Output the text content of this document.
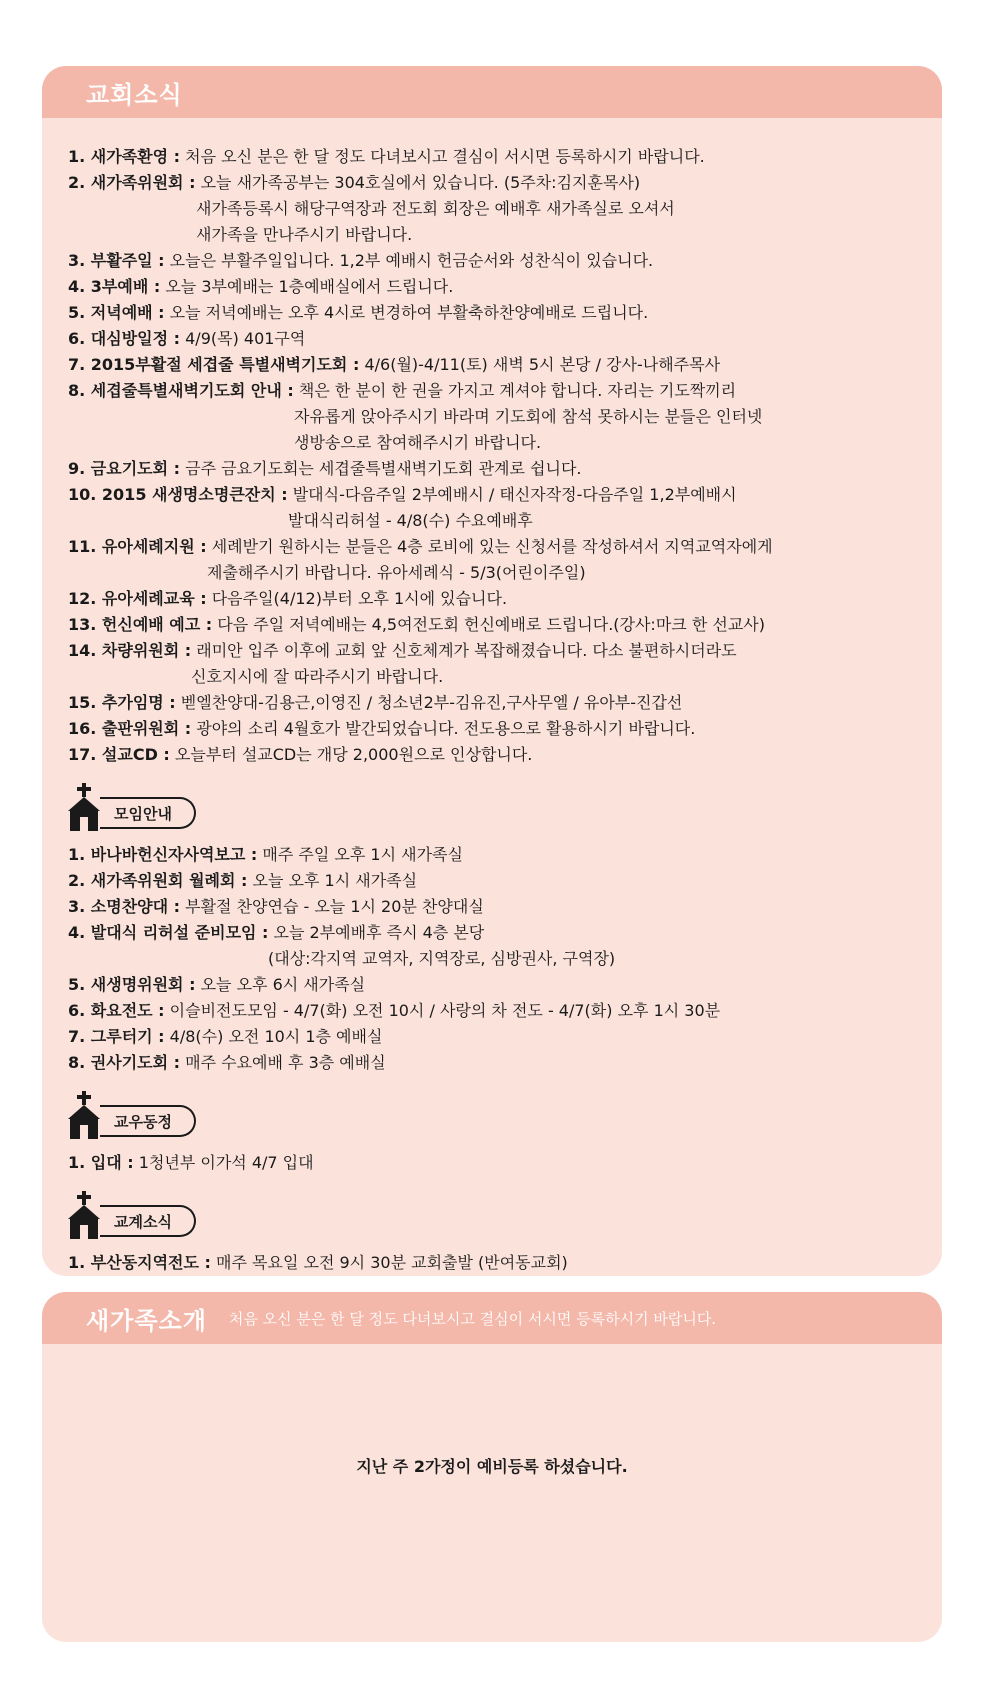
교회소식
1. 새가족환영 : 처음 오신 분은 한 달 정도 다녀보시고 결심이 서시면 등록하시기 바랍니다.
2. 새가족위원회 : 오늘 새가족공부는 304호실에서 있습니다. (5주차:김지훈목사)
새가족등록시 해당구역장과 전도회 회장은 예배후 새가족실로 오셔서
새가족을 만나주시기 바랍니다.
3. 부활주일 : 오늘은 부활주일입니다. 1,2부 예배시 헌금순서와 성찬식이 있습니다.
4. 3부예배 : 오늘 3부예배는 1층예배실에서 드립니다.
5. 저녁예배 : 오늘 저녁예배는 오후 4시로 변경하여 부활축하찬양예배로 드립니다.
6. 대심방일정 : 4/9(목) 401구역
7. 2015부활절 세겹줄 특별새벽기도회 : 4/6(월)-4/11(토) 새벽 5시 본당 / 강사-나해주목사
8. 세겹줄특별새벽기도회 안내 : 책은 한 분이 한 권을 가지고 계셔야 합니다. 자리는 기도짝끼리
자유롭게 앉아주시기 바라며 기도회에 참석 못하시는 분들은 인터넷
생방송으로 참여해주시기 바랍니다.
9. 금요기도회 : 금주 금요기도회는 세겹줄특별새벽기도회 관계로 쉽니다.
10. 2015 새생명소명큰잔치 : 발대식-다음주일 2부예배시 / 태신자작정-다음주일 1,2부예배시
발대식리허설 - 4/8(수) 수요예배후
11. 유아세례지원 : 세례받기 원하시는 분들은 4층 로비에 있는 신청서를 작성하셔서 지역교역자에게
제출해주시기 바랍니다. 유아세례식 - 5/3(어린이주일)
12. 유아세례교육 : 다음주일(4/12)부터 오후 1시에 있습니다.
13. 헌신예배 예고 : 다음 주일 저녁예배는 4,5여전도회 헌신예배로 드립니다.(강사:마크 한 선교사)
14. 차량위원회 : 래미안 입주 이후에 교회 앞 신호체계가 복잡해졌습니다. 다소 불편하시더라도
신호지시에 잘 따라주시기 바랍니다.
15. 추가임명 : 벧엘찬양대-김용근,이영진 / 청소년2부-김유진,구사무엘 / 유아부-진갑선
16. 출판위원회 : 광야의 소리 4월호가 발간되었습니다. 전도용으로 활용하시기 바랍니다.
17. 설교CD : 오늘부터 설교CD는 개당 2,000원으로 인상합니다.
모임안내
1. 바나바헌신자사역보고 : 매주 주일 오후 1시 새가족실
2. 새가족위원회 월례회 : 오늘 오후 1시 새가족실
3. 소명찬양대 : 부활절 찬양연습 - 오늘 1시 20분 찬양대실
4. 발대식 리허설 준비모임 : 오늘 2부예배후 즉시 4층 본당
(대상:각지역 교역자, 지역장로, 심방권사, 구역장)
5. 새생명위원회 : 오늘 오후 6시 새가족실
6. 화요전도 : 이슬비전도모임 - 4/7(화) 오전 10시 / 사랑의 차 전도 - 4/7(화) 오후 1시 30분
7. 그루터기 : 4/8(수) 오전 10시 1층 예배실
8. 권사기도회 : 매주 수요예배 후 3층 예배실
교우동정
1. 입대 : 1청년부 이가석 4/7 입대
교계소식
1. 부산동지역전도 : 매주 목요일 오전 9시 30분 교회출발 (반여동교회)
새가족소개 처음 오신 분은 한 달 정도 다녀보시고 결심이 서시면 등록하시기 바랍니다.
지난 주 2가정이 예비등록 하셨습니다.
